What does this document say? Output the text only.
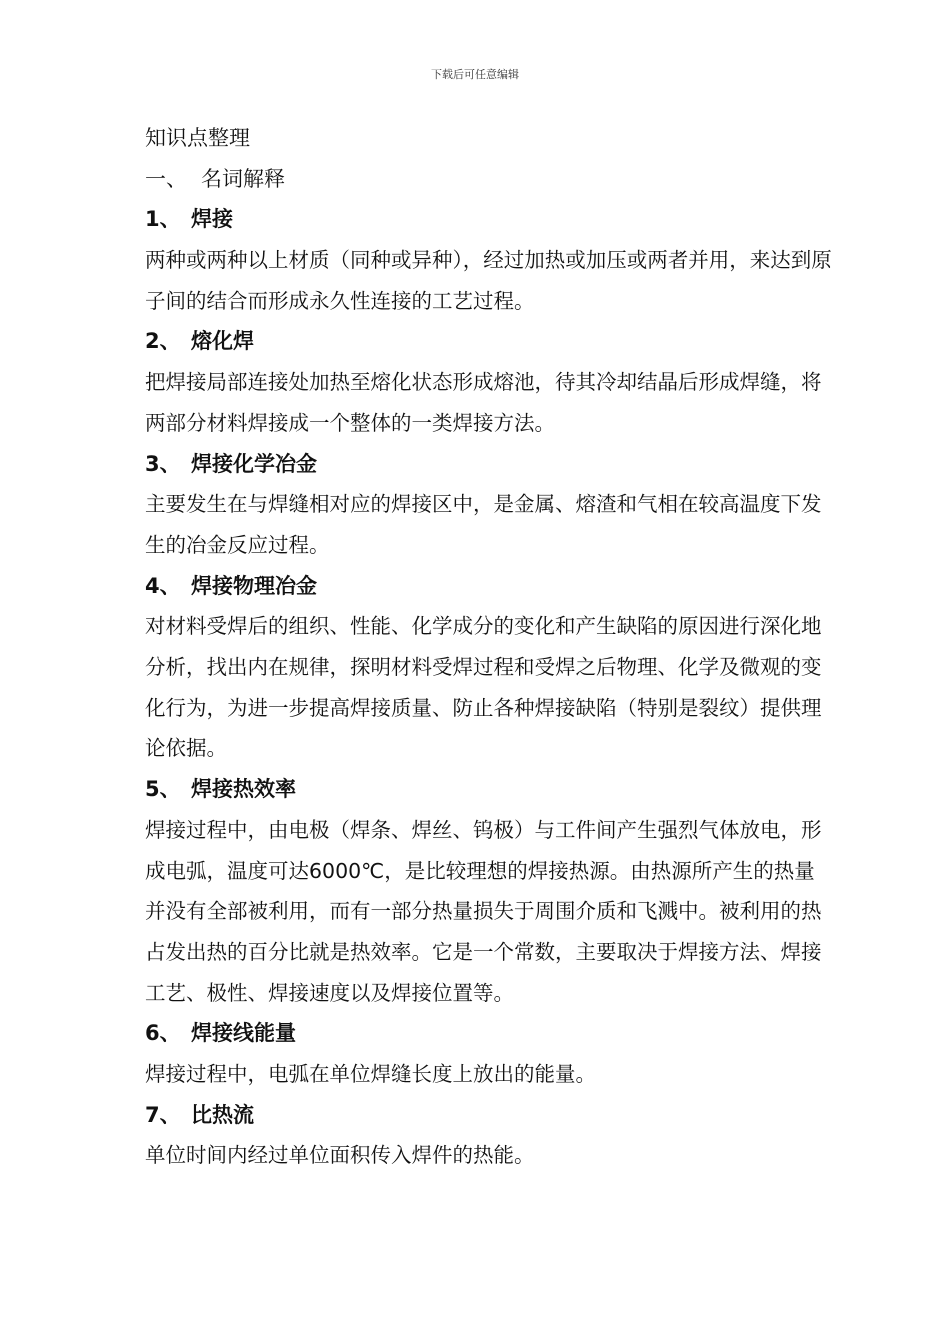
下载后可任意编辑
知识点整理
一、 名词解释
1、 焊接
两种或两种以上材质（同种或异种），经过加热或加压或两者并用，来达到原子间的结合而形成永久性连接的工艺过程。
2、 熔化焊
把焊接局部连接处加热至熔化状态形成熔池，待其冷却结晶后形成焊缝，将两部分材料焊接成一个整体的一类焊接方法。
3、 焊接化学冶金
主要发生在与焊缝相对应的焊接区中，是金属、熔渣和气相在较高温度下发生的冶金反应过程。
4、 焊接物理冶金
对材料受焊后的组织、性能、化学成分的变化和产生缺陷的原因进行深化地分析，找出内在规律，探明材料受焊过程和受焊之后物理、化学及微观的变化行为，为进一步提高焊接质量、防止各种焊接缺陷（特别是裂纹）提供理论依据。
5、 焊接热效率
焊接过程中，由电极（焊条、焊丝、钨极）与工件间产生强烈气体放电，形成电弧，温度可达6000℃，是比较理想的焊接热源。由热源所产生的热量并没有全部被利用，而有一部分热量损失于周围介质和飞溅中。被利用的热占发出热的百分比就是热效率。它是一个常数，主要取决于焊接方法、焊接工艺、极性、焊接速度以及焊接位置等。
6、 焊接线能量
焊接过程中，电弧在单位焊缝长度上放出的能量。
7、 比热流
单位时间内经过单位面积传入焊件的热能。
